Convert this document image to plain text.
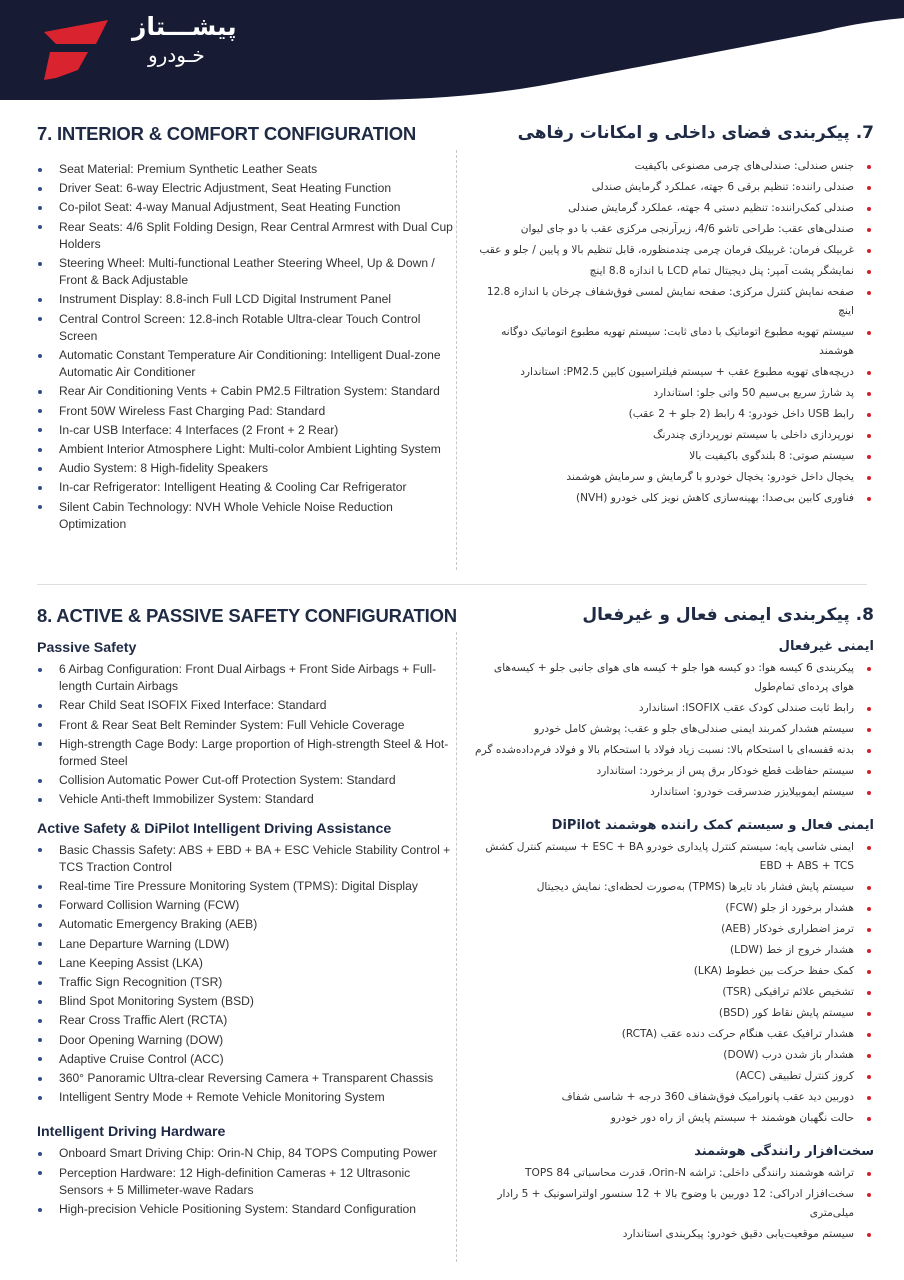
پیشـــتاز
خـودرو
7. INTERIOR & COMFORT CONFIGURATION
Seat Material: Premium Synthetic Leather Seats
Driver Seat: 6-way Electric Adjustment, Seat Heating Function
Co-pilot Seat: 4-way Manual Adjustment, Seat Heating Function
Rear Seats: 4/6 Split Folding Design, Rear Central Armrest with Dual Cup Holders
Steering Wheel: Multi-functional Leather Steering Wheel, Up & Down / Front & Back Adjustable
Instrument Display: 8.8-inch Full LCD Digital Instrument Panel
Central Control Screen: 12.8-inch Rotable Ultra-clear Touch Control Screen
Automatic Constant Temperature Air Conditioning: Intelligent Dual-zone Automatic Air Conditioner
Rear Air Conditioning Vents + Cabin PM2.5 Filtration System: Standard
Front 50W Wireless Fast Charging Pad: Standard
In-car USB Interface: 4 Interfaces (2 Front + 2 Rear)
Ambient Interior Atmosphere Light: Multi-color Ambient Lighting System
Audio System: 8 High-fidelity Speakers
In-car Refrigerator: Intelligent Heating & Cooling Car Refrigerator
Silent Cabin Technology: NVH Whole Vehicle Noise Reduction Optimization
7. پیکربندی فضای داخلی و امکانات رفاهی
جنس صندلی: صندلی‌های چرمی مصنوعی باکیفیت
صندلی راننده: تنظیم برقی 6 جهته، عملکرد گرمایش صندلی
صندلی کمک‌راننده: تنظیم دستی 4 جهته، عملکرد گرمایش صندلی
صندلی‌های عقب: طراحی تاشو 4/6، زیرآرنجی مرکزی عقب با دو جای لیوان
غربیلک فرمان: غربیلک فرمان چرمی چندمنظوره، قابل تنظیم بالا و پایین / جلو و عقب
نمایشگر پشت آمپر: پنل دیجیتال تمام LCD با اندازه 8.8 اینچ
صفحه نمایش کنترل مرکزی: صفحه نمایش لمسی فوق‌شفاف چرخان با اندازه 12.8 اینچ
سیستم تهویه مطبوع اتوماتیک با دمای ثابت: سیستم تهویه مطبوع اتوماتیک دوگانه هوشمند
دریچه‌های تهویه مطبوع عقب + سیستم فیلتراسیون کابین PM2.5: استاندارد
پد شارژ سریع بی‌سیم 50 واتی جلو: استاندارد
رابط USB داخل خودرو: 4 رابط (2 جلو + 2 عقب)
نورپردازی داخلی با سیستم نورپردازی چندرنگ
سیستم صوتی: 8 بلندگوی باکیفیت بالا
یخچال داخل خودرو: یخچال خودرو با گرمایش و سرمایش هوشمند
فناوری کابین بی‌صدا: بهینه‌سازی کاهش نویز کلی خودرو (NVH)
8. ACTIVE & PASSIVE SAFETY CONFIGURATION
Passive Safety
6 Airbag Configuration: Front Dual Airbags + Front Side Airbags + Full-length Curtain Airbags
Rear Child Seat ISOFIX Fixed Interface: Standard
Front & Rear Seat Belt Reminder System: Full Vehicle Coverage
High-strength Cage Body: Large proportion of High-strength Steel & Hot-formed Steel
Collision Automatic Power Cut-off Protection System: Standard
Vehicle Anti-theft Immobilizer System: Standard
Active Safety & DiPilot Intelligent Driving Assistance
Basic Chassis Safety: ABS + EBD + BA + ESC Vehicle Stability Control + TCS Traction Control
Real-time Tire Pressure Monitoring System (TPMS): Digital Display
Forward Collision Warning (FCW)
Automatic Emergency Braking (AEB)
Lane Departure Warning (LDW)
Lane Keeping Assist (LKA)
Traffic Sign Recognition (TSR)
Blind Spot Monitoring System (BSD)
Rear Cross Traffic Alert (RCTA)
Door Opening Warning (DOW)
Adaptive Cruise Control (ACC)
360° Panoramic Ultra-clear Reversing Camera + Transparent Chassis
Intelligent Sentry Mode + Remote Vehicle Monitoring System
Intelligent Driving Hardware
Onboard Smart Driving Chip: Orin-N Chip, 84 TOPS Computing Power
Perception Hardware: 12 High-definition Cameras + 12 Ultrasonic Sensors + 5 Millimeter-wave Radars
High-precision Vehicle Positioning System: Standard Configuration
8. پیکربندی ایمنی فعال و غیرفعال
ایمنی غیرفعال
پیکربندی 6 کیسه هوا: دو کیسه هوا جلو + کیسه های هوای جانبی جلو + کیسه‌های هوای پرده‌ای تمام‌طول
رابط ثابت صندلی کودک عقب ISOFIX: استاندارد
سیستم هشدار کمربند ایمنی صندلی‌های جلو و عقب: پوشش کامل خودرو
بدنه قفسه‌ای با استحکام بالا: نسبت زیاد فولاد با استحکام بالا و فولاد فرم‌داده‌شده گرم
سیستم حفاظت قطع خودکار برق پس از برخورد: استاندارد
سیستم ایموبیلایزر ضدسرقت خودرو: استاندارد
ایمنی فعال و سیستم کمک راننده هوشمند DiPilot
ایمنی شاسی پایه: سیستم کنترل پایداری خودرو ESC + BA + سیستم کنترل کشش EBD + ABS + TCS
سیستم پایش فشار باد تایرها (TPMS) به‌صورت لحظه‌ای: نمایش دیجیتال
هشدار برخورد از جلو (FCW)
ترمز اضطراری خودکار (AEB)
هشدار خروج از خط (LDW)
کمک حفظ حرکت بین خطوط (LKA)
تشخیص علائم ترافیکی (TSR)
سیستم پایش نقاط کور (BSD)
هشدار ترافیک عقب هنگام حرکت دنده عقب (RCTA)
هشدار باز شدن درب (DOW)
کروز کنترل تطبیقی (ACC)
دوربین دید عقب پانورامیک فوق‌شفاف 360 درجه + شاسی شفاف
حالت نگهبان هوشمند + سیستم پایش از راه دور خودرو
سخت‌افزار رانندگی هوشمند
تراشه هوشمند رانندگی داخلی: تراشه Orin-N، قدرت محاسباتی 84 TOPS
سخت‌افزار ادراکی: 12 دوربین با وضوح بالا + 12 سنسور اولتراسونیک + 5 رادار میلی‌متری
سیستم موقعیت‌یابی دقیق خودرو: پیکربندی استاندارد
